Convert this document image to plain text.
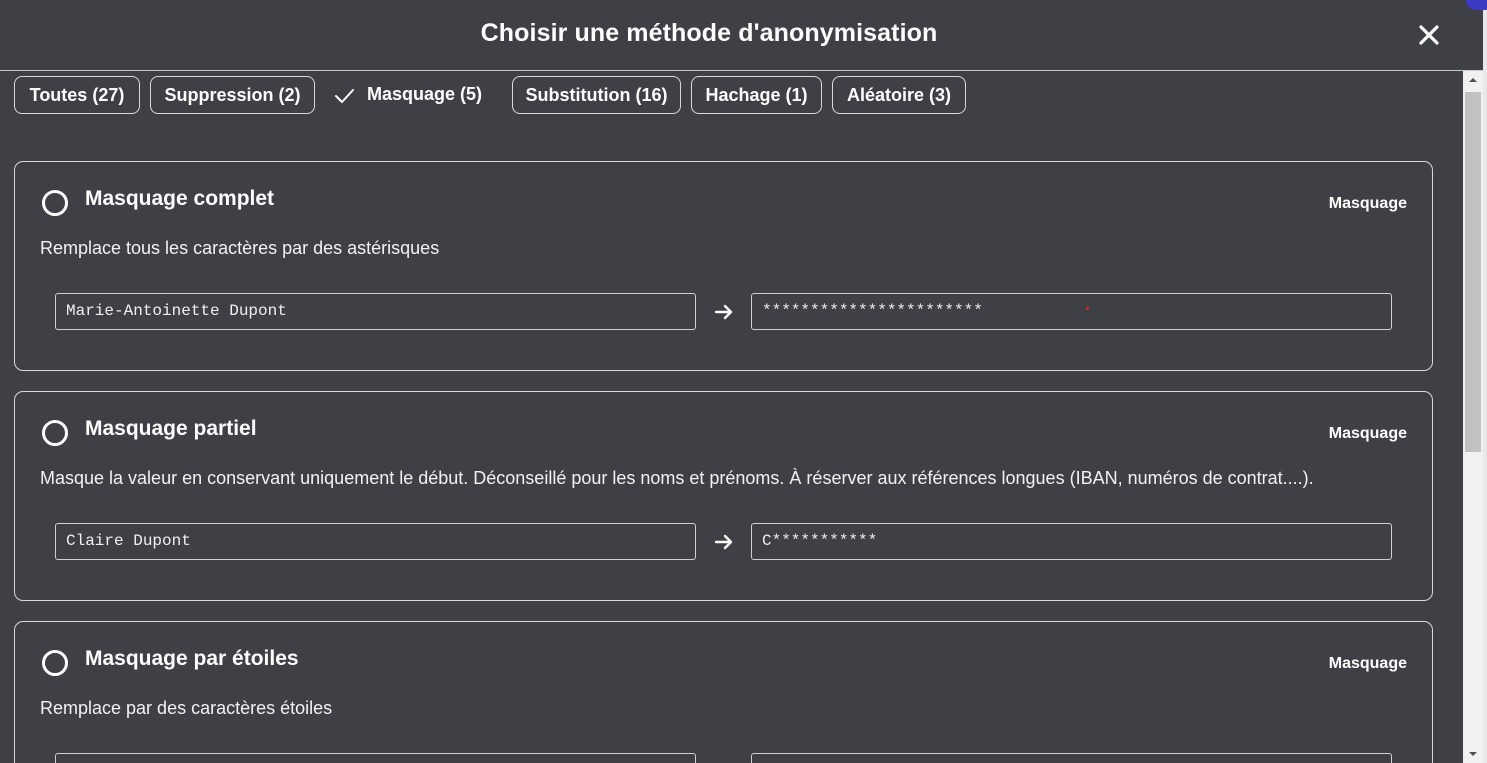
Choisir une méthode d'anonymisation
Toutes (27)	Suppression (2)	Masquage (5)	Substitution (16)	Hachage (1)	Aléatoire (3)
Masquage complet	Masquage
Remplace tous les caractères par des astérisques
Marie-Antoinette Dupont	***********************
Masquage partiel	Masquage
Masque la valeur en conservant uniquement le début. Déconseillé pour les noms et prénoms. À réserver aux références longues (IBAN, numéros de contrat....).
Claire Dupont	C***********
Masquage par étoiles	Masquage
Remplace par des caractères étoiles
